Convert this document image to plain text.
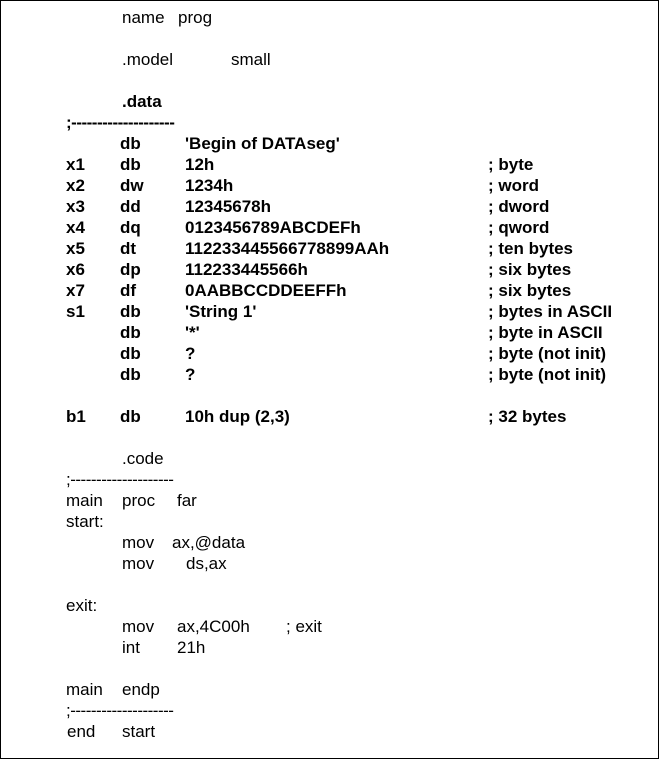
name prog
.model	small
.data
;--------------------
db	'Begin of DATAseg'
x1 db	12h	; byte
x2 dw 1234h	; word
x3 dd	12345678h	; dword
x4 dq	0123456789ABCDEFh	; qword
x5 dt	112233445566778899AAh	; ten bytes
x6 dp	112233445566h	; six bytes
x7 df	0AABBCCDDEEFFh	; six bytes
s1 db	'String 1'	; bytes in ASCII
db	'*'	; byte in ASCII
db	?	; byte (not init)
db	?	; byte (not init)
b1 db	10h dup (2,3)	; 32 bytes
.code
;--------------------
main proc far
start:
mov ax,@data
mov ds,ax
exit:
mov ax,4C00h ; exit
int 21h
main endp
;--------------------
end start
